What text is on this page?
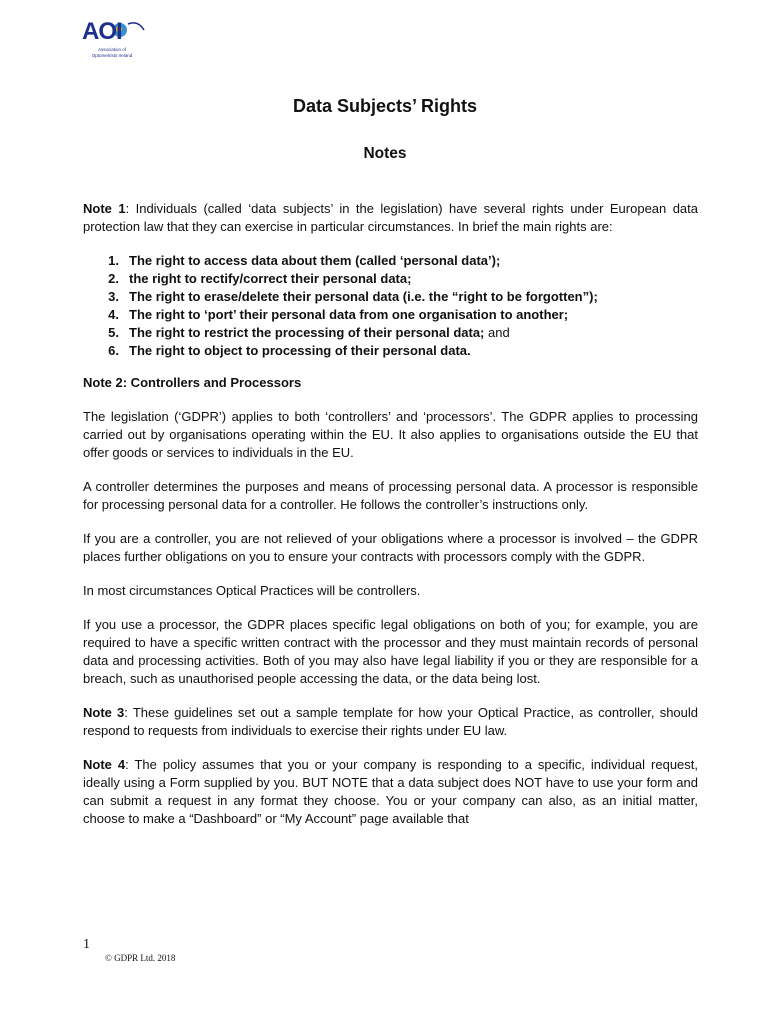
AOI
Association of
Optometrists Ireland
Data Subjects’ Rights
Notes

Note 1: Individuals (called ‘data subjects’ in the legislation) have several rights under European data protection law that they can exercise in particular circumstances. In brief the main rights are:

1. The right to access data about them (called ‘personal data’);
2. the right to rectify/correct their personal data;
3. The right to erase/delete their personal data (i.e. the “right to be forgotten”);
4. The right to ‘port’ their personal data from one organisation to another;
5. The right to restrict the processing of their personal data; and
6. The right to object to processing of their personal data.

Note 2: Controllers and Processors

The legislation (‘GDPR’) applies to both ‘controllers’ and ‘processors’. The GDPR applies to processing carried out by organisations operating within the EU. It also applies to organisations outside the EU that offer goods or services to individuals in the EU.

A controller determines the purposes and means of processing personal data. A processor is responsible for processing personal data for a controller. He follows the controller’s instructions only.

If you are a controller, you are not relieved of your obligations where a processor is involved – the GDPR places further obligations on you to ensure your contracts with processors comply with the GDPR.

In most circumstances Optical Practices will be controllers.

If you use a processor, the GDPR places specific legal obligations on both of you; for example, you are required to have a specific written contract with the processor and they must maintain records of personal data and processing activities. Both of you may also have legal liability if you or they are responsible for a breach, such as unauthorised people accessing the data, or the data being lost.

Note 3: These guidelines set out a sample template for how your Optical Practice, as controller, should respond to requests from individuals to exercise their rights under EU law.

Note 4: The policy assumes that you or your company is responding to a specific, individual request, ideally using a Form supplied by you. BUT NOTE that a data subject does NOT have to use your form and can submit a request in any format they choose. You or your company can also, as an initial matter, choose to make a “Dashboard” or “My Account” page available that

1
© GDPR Ltd. 2018
